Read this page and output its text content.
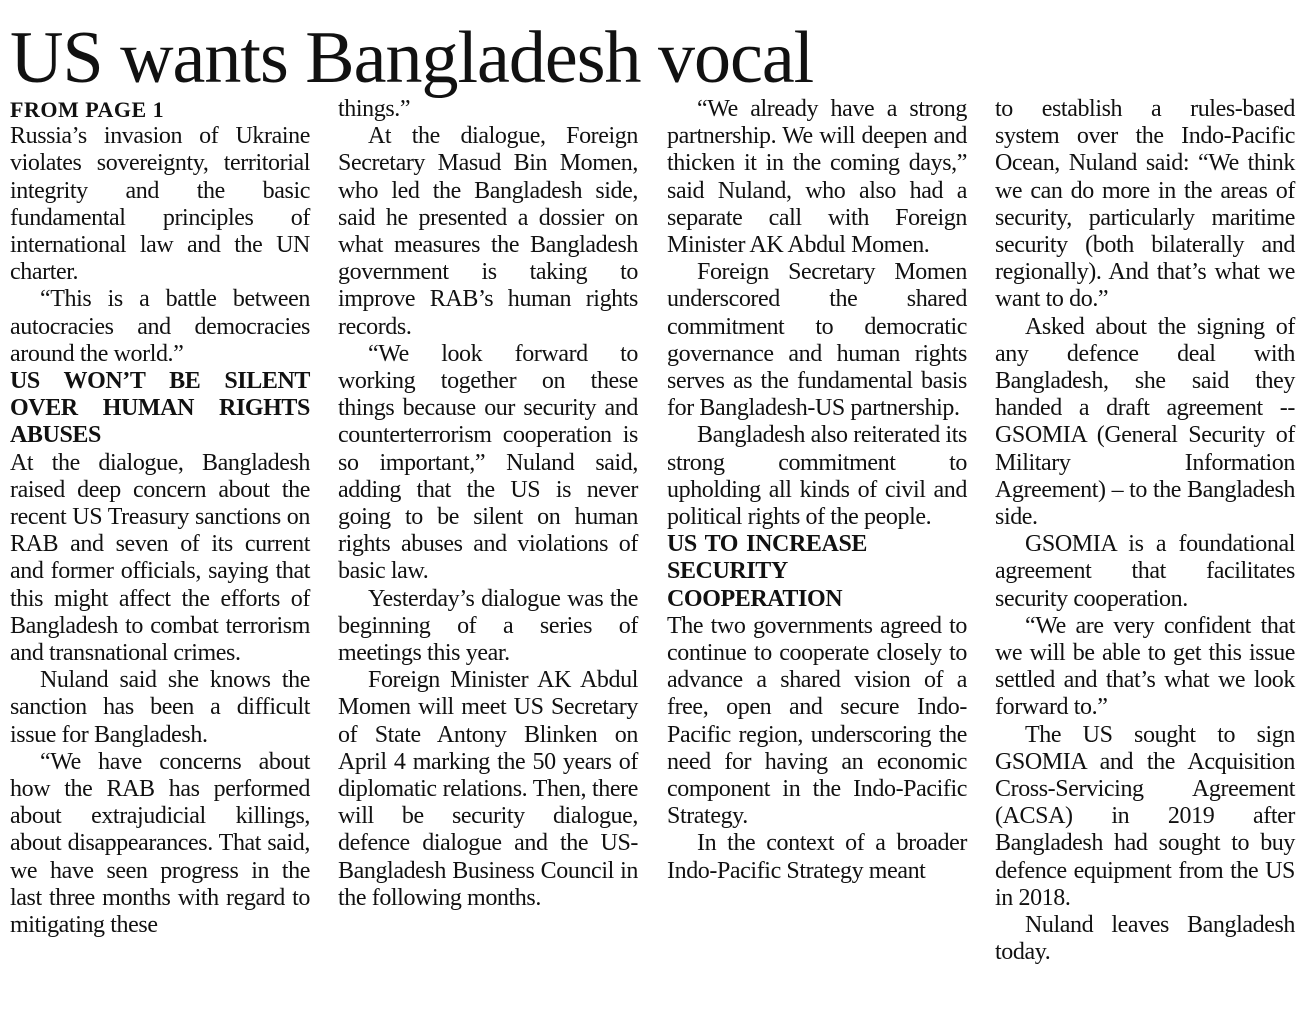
US wants Bangladesh vocal
FROM PAGE 1

Russia’s invasion of Ukraine violates sovereignty, territorial integrity and the basic fundamental principles of international law and the UN charter.

“This is a battle between autocracies and democracies around the world.”

US WON’T BE SILENT OVER HUMAN RIGHTS ABUSES

At the dialogue, Bangladesh raised deep concern about the recent US Treasury sanctions on RAB and seven of its current and former officials, saying that this might affect the efforts of Bangladesh to combat terrorism and transnational crimes.

Nuland said she knows the sanction has been a difficult issue for Bangladesh.

“We have concerns about how the RAB has performed about extrajudicial killings, about disappearances. That said, we have seen progress in the last three months with regard to mitigating these

things.”

At the dialogue, Foreign Secretary Masud Bin Momen, who led the Bangladesh side, said he presented a dossier on what measures the Bangladesh government is taking to improve RAB’s human rights records.

“We look forward to working together on these things because our security and counterterrorism cooperation is so important,” Nuland said, adding that the US is never going to be silent on human rights abuses and violations of basic law.

Yesterday’s dialogue was the beginning of a series of meetings this year.

Foreign Minister AK Abdul Momen will meet US Secretary of State Antony Blinken on April 4 marking the 50 years of diplomatic relations. Then, there will be security dialogue, defence dialogue and the US-Bangladesh Business Council in the following months.

“We already have a strong partnership. We will deepen and thicken it in the coming days,” said Nuland, who also had a separate call with Foreign Minister AK Abdul Momen.

Foreign Secretary Momen underscored the shared commitment to democratic governance and human rights serves as the fundamental basis for Bangladesh-US partnership.

Bangladesh also reiterated its strong commitment to upholding all kinds of civil and political rights of the people.

US TO INCREASE SECURITY COOPERATION

The two governments agreed to continue to cooperate closely to advance a shared vision of a free, open and secure Indo-Pacific region, underscoring the need for having an economic component in the Indo-Pacific Strategy.

In the context of a broader Indo-Pacific Strategy meant

to establish a rules-based system over the Indo-Pacific Ocean, Nuland said: “We think we can do more in the areas of security, particularly maritime security (both bilaterally and regionally). And that’s what we want to do.”

Asked about the signing of any defence deal with Bangladesh, she said they handed a draft agreement -- GSOMIA (General Security of Military Information Agreement) – to the Bangladesh side.

GSOMIA is a foundational agreement that facilitates security cooperation.

“We are very confident that we will be able to get this issue settled and that’s what we look forward to.”

The US sought to sign GSOMIA and the Acquisition Cross-Servicing Agreement (ACSA) in 2019 after Bangladesh had sought to buy defence equipment from the US in 2018.

Nuland leaves Bangladesh today.
